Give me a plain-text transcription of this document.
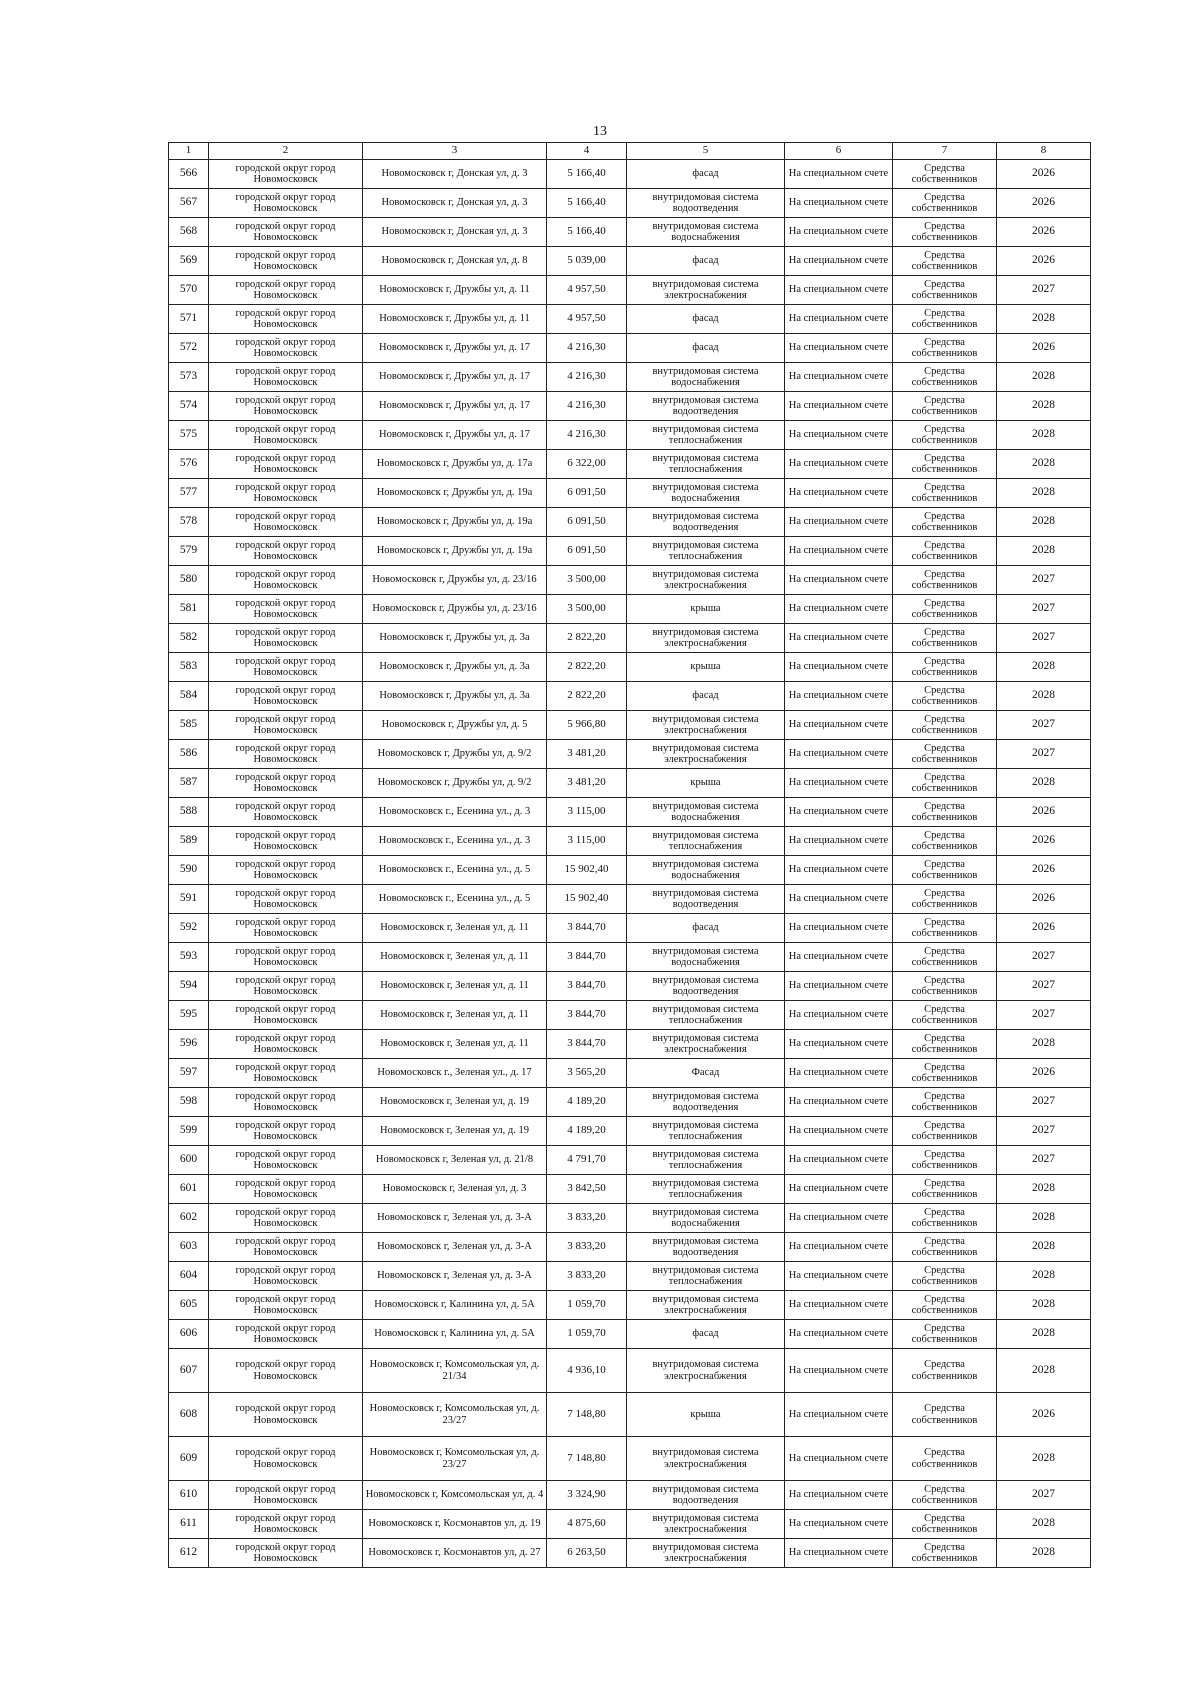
13
1	2	3	4	5	6	7	8
566	городской округ город Новомосковск	Новомосковск г, Донская ул, д. 3	5 166,40	фасад	На специальном счете	Средства собственников	2026
567	городской округ город Новомосковск	Новомосковск г, Донская ул, д. 3	5 166,40	внутридомовая система водоотведения	На специальном счете	Средства собственников	2026
568	городской округ город Новомосковск	Новомосковск г, Донская ул, д. 3	5 166,40	внутридомовая система водоснабжения	На специальном счете	Средства собственников	2026
569	городской округ город Новомосковск	Новомосковск г, Донская ул, д. 8	5 039,00	фасад	На специальном счете	Средства собственников	2026
570	городской округ город Новомосковск	Новомосковск г, Дружбы ул, д. 11	4 957,50	внутридомовая система электроснабжения	На специальном счете	Средства собственников	2027
571	городской округ город Новомосковск	Новомосковск г, Дружбы ул, д. 11	4 957,50	фасад	На специальном счете	Средства собственников	2028
572	городской округ город Новомосковск	Новомосковск г, Дружбы ул, д. 17	4 216,30	фасад	На специальном счете	Средства собственников	2026
573	городской округ город Новомосковск	Новомосковск г, Дружбы ул, д. 17	4 216,30	внутридомовая система водоснабжения	На специальном счете	Средства собственников	2028
574	городской округ город Новомосковск	Новомосковск г, Дружбы ул, д. 17	4 216,30	внутридомовая система водоотведения	На специальном счете	Средства собственников	2028
575	городской округ город Новомосковск	Новомосковск г, Дружбы ул, д. 17	4 216,30	внутридомовая система теплоснабжения	На специальном счете	Средства собственников	2028
576	городской округ город Новомосковск	Новомосковск г, Дружбы ул, д. 17а	6 322,00	внутридомовая система теплоснабжения	На специальном счете	Средства собственников	2028
577	городской округ город Новомосковск	Новомосковск г, Дружбы ул, д. 19а	6 091,50	внутридомовая система водоснабжения	На специальном счете	Средства собственников	2028
578	городской округ город Новомосковск	Новомосковск г, Дружбы ул, д. 19а	6 091,50	внутридомовая система водоотведения	На специальном счете	Средства собственников	2028
579	городской округ город Новомосковск	Новомосковск г, Дружбы ул, д. 19а	6 091,50	внутридомовая система теплоснабжения	На специальном счете	Средства собственников	2028
580	городской округ город Новомосковск	Новомосковск г, Дружбы ул, д. 23/16	3 500,00	внутридомовая система электроснабжения	На специальном счете	Средства собственников	2027
581	городской округ город Новомосковск	Новомосковск г, Дружбы ул, д. 23/16	3 500,00	крыша	На специальном счете	Средства собственников	2027
582	городской округ город Новомосковск	Новомосковск г, Дружбы ул, д. 3а	2 822,20	внутридомовая система электроснабжения	На специальном счете	Средства собственников	2027
583	городской округ город Новомосковск	Новомосковск г, Дружбы ул, д. 3а	2 822,20	крыша	На специальном счете	Средства собственников	2028
584	городской округ город Новомосковск	Новомосковск г, Дружбы ул, д. 3а	2 822,20	фасад	На специальном счете	Средства собственников	2028
585	городской округ город Новомосковск	Новомосковск г, Дружбы ул, д. 5	5 966,80	внутридомовая система электроснабжения	На специальном счете	Средства собственников	2027
586	городской округ город Новомосковск	Новомосковск г, Дружбы ул, д. 9/2	3 481,20	внутридомовая система электроснабжения	На специальном счете	Средства собственников	2027
587	городской округ город Новомосковск	Новомосковск г, Дружбы ул, д. 9/2	3 481,20	крыша	На специальном счете	Средства собственников	2028
588	городской округ город Новомосковск	Новомосковск г., Есенина ул., д. 3	3 115,00	внутридомовая система водоснабжения	На специальном счете	Средства собственников	2026
589	городской округ город Новомосковск	Новомосковск г., Есенина ул., д. 3	3 115,00	внутридомовая система теплоснабжения	На специальном счете	Средства собственников	2026
590	городской округ город Новомосковск	Новомосковск г., Есенина ул., д. 5	15 902,40	внутридомовая система водоснабжения	На специальном счете	Средства собственников	2026
591	городской округ город Новомосковск	Новомосковск г., Есенина ул., д. 5	15 902,40	внутридомовая система водоотведения	На специальном счете	Средства собственников	2026
592	городской округ город Новомосковск	Новомосковск г, Зеленая ул, д. 11	3 844,70	фасад	На специальном счете	Средства собственников	2026
593	городской округ город Новомосковск	Новомосковск г, Зеленая ул, д. 11	3 844,70	внутридомовая система водоснабжения	На специальном счете	Средства собственников	2027
594	городской округ город Новомосковск	Новомосковск г, Зеленая ул, д. 11	3 844,70	внутридомовая система водоотведения	На специальном счете	Средства собственников	2027
595	городской округ город Новомосковск	Новомосковск г, Зеленая ул, д. 11	3 844,70	внутридомовая система теплоснабжения	На специальном счете	Средства собственников	2027
596	городской округ город Новомосковск	Новомосковск г, Зеленая ул, д. 11	3 844,70	внутридомовая система электроснабжения	На специальном счете	Средства собственников	2028
597	городской округ город Новомосковск	Новомосковск г., Зеленая ул., д. 17	3 565,20	Фасад	На специальном счете	Средства собственников	2026
598	городской округ город Новомосковск	Новомосковск г, Зеленая ул, д. 19	4 189,20	внутридомовая система водоотведения	На специальном счете	Средства собственников	2027
599	городской округ город Новомосковск	Новомосковск г, Зеленая ул, д. 19	4 189,20	внутридомовая система теплоснабжения	На специальном счете	Средства собственников	2027
600	городской округ город Новомосковск	Новомосковск г, Зеленая ул, д. 21/8	4 791,70	внутридомовая система теплоснабжения	На специальном счете	Средства собственников	2027
601	городской округ город Новомосковск	Новомосковск г, Зеленая ул, д. 3	3 842,50	внутридомовая система теплоснабжения	На специальном счете	Средства собственников	2028
602	городской округ город Новомосковск	Новомосковск г, Зеленая ул, д. 3-А	3 833,20	внутридомовая система водоснабжения	На специальном счете	Средства собственников	2028
603	городской округ город Новомосковск	Новомосковск г, Зеленая ул, д. 3-А	3 833,20	внутридомовая система водоотведения	На специальном счете	Средства собственников	2028
604	городской округ город Новомосковск	Новомосковск г, Зеленая ул, д. 3-А	3 833,20	внутридомовая система теплоснабжения	На специальном счете	Средства собственников	2028
605	городской округ город Новомосковск	Новомосковск г, Калинина ул, д. 5А	1 059,70	внутридомовая система электроснабжения	На специальном счете	Средства собственников	2028
606	городской округ город Новомосковск	Новомосковск г, Калинина ул, д. 5А	1 059,70	фасад	На специальном счете	Средства собственников	2028
607	городской округ город Новомосковск	Новомосковск г, Комсомольская ул, д. 21/34	4 936,10	внутридомовая система электроснабжения	На специальном счете	Средства собственников	2028
608	городской округ город Новомосковск	Новомосковск г, Комсомольская ул, д. 23/27	7 148,80	крыша	На специальном счете	Средства собственников	2026
609	городской округ город Новомосковск	Новомосковск г, Комсомольская ул, д. 23/27	7 148,80	внутридомовая система электроснабжения	На специальном счете	Средства собственников	2028
610	городской округ город Новомосковск	Новомосковск г, Комсомольская ул, д. 4	3 324,90	внутридомовая система водоотведения	На специальном счете	Средства собственников	2027
611	городской округ город Новомосковск	Новомосковск г, Космонавтов ул, д. 19	4 875,60	внутридомовая система электроснабжения	На специальном счете	Средства собственников	2028
612	городской округ город Новомосковск	Новомосковск г, Космонавтов ул, д. 27	6 263,50	внутридомовая система электроснабжения	На специальном счете	Средства собственников	2028
